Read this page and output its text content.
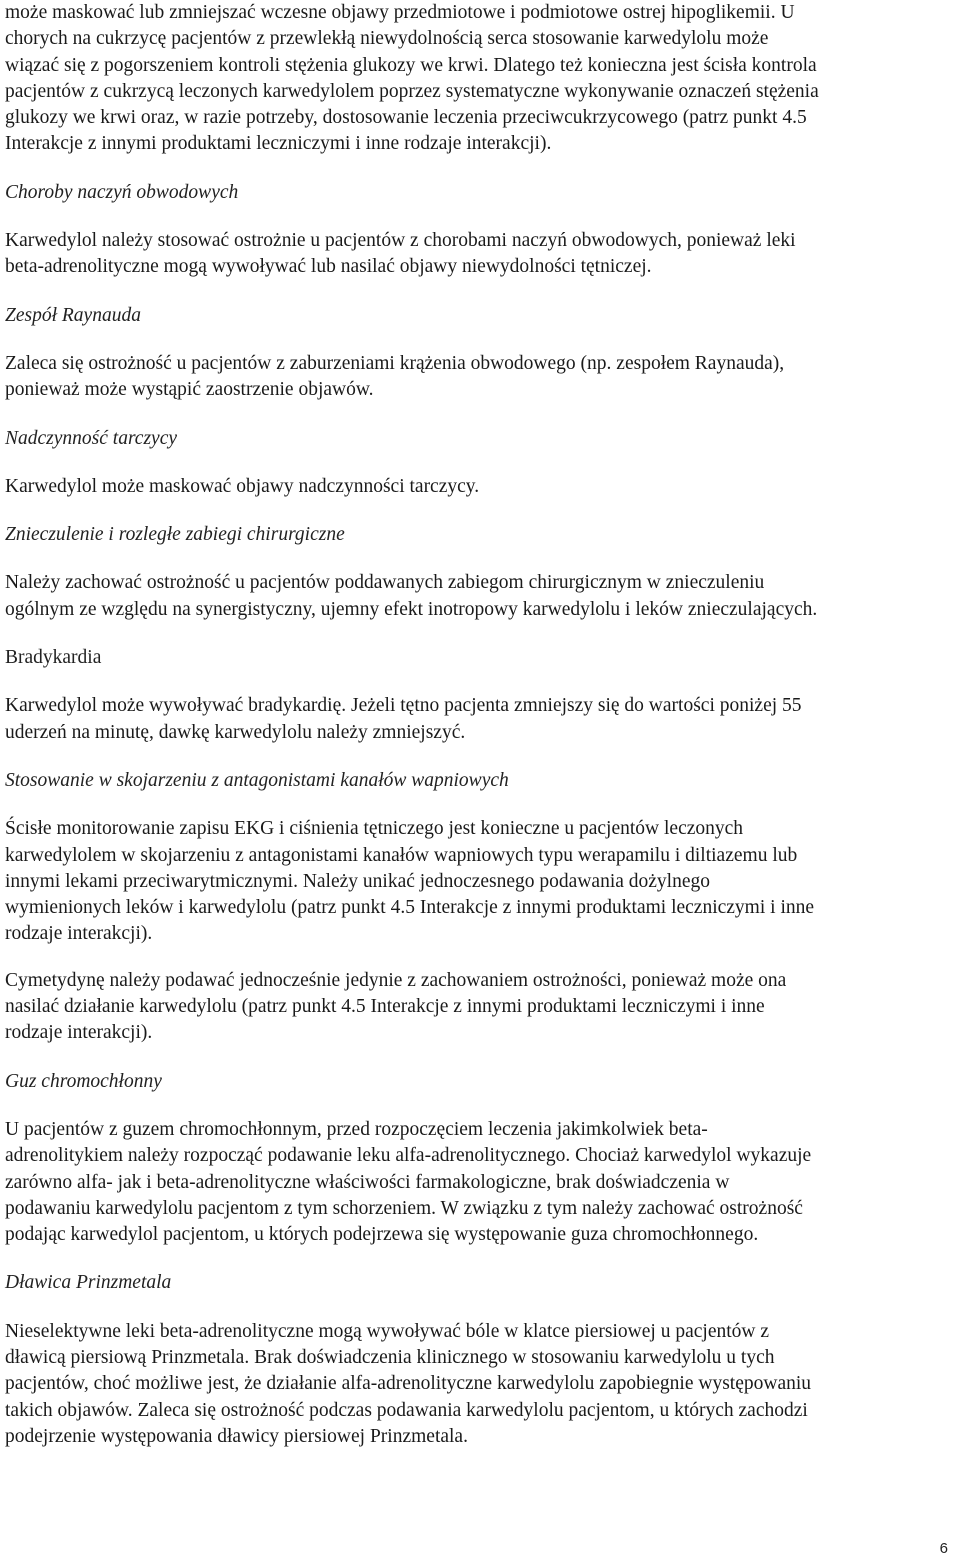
może maskować lub zmniejszać wczesne objawy przedmiotowe i podmiotowe ostrej hipoglikemii. U

chorych na cukrzycę pacjentów z przewlekłą niewydolnością serca stosowanie karwedylolu może

wiązać się z pogorszeniem kontroli stężenia glukozy we krwi. Dlatego też konieczna jest ścisła kontrola

pacjentów z cukrzycą leczonych karwedylolem poprzez systematyczne wykonywanie oznaczeń stężenia

glukozy we krwi oraz, w razie potrzeby, dostosowanie leczenia przeciwcukrzycowego (patrz punkt 4.5

Interakcje z innymi produktami leczniczymi i inne rodzaje interakcji).

Choroby naczyń obwodowych

Karwedylol należy stosować ostrożnie u pacjentów z chorobami naczyń obwodowych, ponieważ leki

beta-adrenolityczne mogą wywoływać lub nasilać objawy niewydolności tętniczej.

Zespół Raynauda

Zaleca się ostrożność u pacjentów z zaburzeniami krążenia obwodowego (np. zespołem Raynauda),

ponieważ może wystąpić zaostrzenie objawów.

Nadczynność tarczycy

Karwedylol może maskować objawy nadczynności tarczycy.

Znieczulenie i rozległe zabiegi chirurgiczne

Należy zachować ostrożność u pacjentów poddawanych zabiegom chirurgicznym w znieczuleniu

ogólnym ze względu na synergistyczny, ujemny efekt inotropowy karwedylolu i leków znieczulających.

Bradykardia

Karwedylol może wywoływać bradykardię. Jeżeli tętno pacjenta zmniejszy się do wartości poniżej 55

uderzeń na minutę, dawkę karwedylolu należy zmniejszyć.

Stosowanie w skojarzeniu z antagonistami kanałów wapniowych

Ścisłe monitorowanie zapisu EKG i ciśnienia tętniczego jest konieczne u pacjentów leczonych

karwedylolem w skojarzeniu z antagonistami kanałów wapniowych typu werapamilu i diltiazemu lub

innymi lekami przeciwarytmicznymi. Należy unikać jednoczesnego podawania dożylnego

wymienionych leków i karwedylolu (patrz punkt 4.5 Interakcje z innymi produktami leczniczymi i inne

rodzaje interakcji).

Cymetydynę należy podawać jednocześnie jedynie z zachowaniem ostrożności, ponieważ może ona

nasilać działanie karwedylolu (patrz punkt 4.5 Interakcje z innymi produktami leczniczymi i inne

rodzaje interakcji).

Guz chromochłonny

U pacjentów z guzem chromochłonnym, przed rozpoczęciem leczenia jakimkolwiek beta-

adrenolitykiem należy rozpocząć podawanie leku alfa-adrenolitycznego. Chociaż karwedylol wykazuje

zarówno alfa- jak i beta-adrenolityczne właściwości farmakologiczne, brak doświadczenia w

podawaniu karwedylolu pacjentom z tym schorzeniem. W związku z tym należy zachować ostrożność

podając karwedylol pacjentom, u których podejrzewa się występowanie guza chromochłonnego.

Dławica Prinzmetala

Nieselektywne leki beta-adrenolityczne mogą wywoływać bóle w klatce piersiowej u pacjentów z

dławicą piersiową Prinzmetala. Brak doświadczenia klinicznego w stosowaniu karwedylolu u tych

pacjentów, choć możliwe jest, że działanie alfa-adrenolityczne karwedylolu zapobiegnie występowaniu

takich objawów. Zaleca się ostrożność podczas podawania karwedylolu pacjentom, u których zachodzi

podejrzenie występowania dławicy piersiowej Prinzmetala.

6
